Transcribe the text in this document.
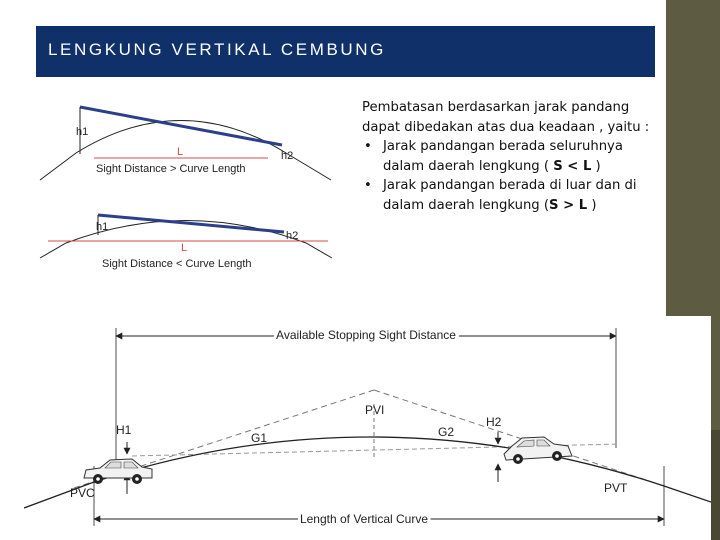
LENGKUNG VERTIKAL CEMBUNG
h1
h2
L
Sight Distance > Curve Length
h1
h2
L
Sight Distance < Curve Length

Pembatasan berdasarkan jarak pandang dapat dibedakan atas dua keadaan , yaitu :

• Jarak pandangan berada seluruhnya dalam daerah lengkung ( S < L )
• Jarak pandangan berada di luar dan di dalam daerah lengkung (S > L )
Available Stopping Sight Distance
Length of Vertical Curve
PVI
G1	G2
H1
H2
PVC	PVT
